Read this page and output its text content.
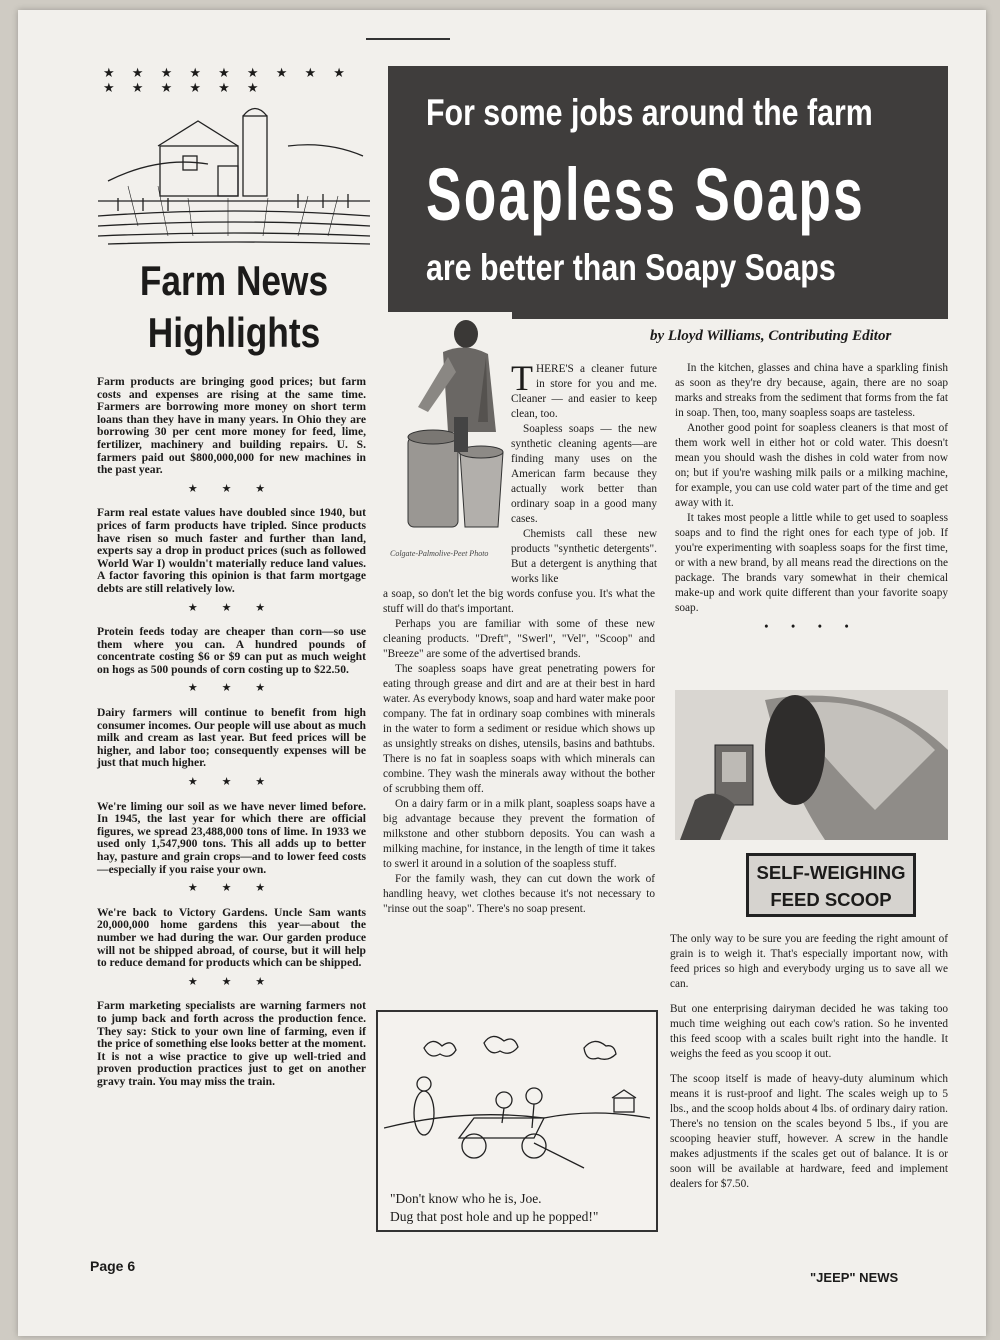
★ ★ ★ ★ ★ ★ ★ ★ ★ ★ ★ ★ ★ ★ ★
Farm News
Highlights

Farm products are bringing good prices; but farm costs and expenses are rising at the same time. Farmers are borrowing more money on short term loans than they have in many years. In Ohio they are borrowing 30 per cent more money for feed, lime, fertilizer, machinery and building repairs. U. S. farmers paid out $800,000,000 for new machines in the past year.

★ ★ ★

Farm real estate values have doubled since 1940, but prices of farm products have tripled. Since products have risen so much faster and further than land, experts say a drop in product prices (such as followed World War I) wouldn't materially reduce land values. A factor favoring this opinion is that farm mortgage debts are still relatively low.

★ ★ ★

Protein feeds today are cheaper than corn—so use them where you can. A hundred pounds of concentrate costing $6 or $9 can put as much weight on hogs as 500 pounds of corn costing up to $22.50.

★ ★ ★

Dairy farmers will continue to benefit from high consumer incomes. Our people will use about as much milk and cream as last year. But feed prices will be higher, and labor too; consequently expenses will be just that much higher.

★ ★ ★

We're liming our soil as we have never limed before. In 1945, the last year for which there are official figures, we spread 23,488,000 tons of lime. In 1933 we used only 1,547,900 tons. This all adds up to better hay, pasture and grain crops—and to lower feed costs—especially if you raise your own.

★ ★ ★

We're back to Victory Gardens. Uncle Sam wants 20,000,000 home gardens this year—about the number we had during the war. Our garden produce will not be shipped abroad, of course, but it will help to reduce demand for products which can be shipped.

★ ★ ★

Farm marketing specialists are warning farmers not to jump back and forth across the production fence. They say: Stick to your own line of farming, even if the price of something else looks better at the moment. It is not a wise practice to give up well-tried and proven production practices just to get on another gravy train. You may miss the train.

For some jobs around the farm
Soapless Soaps
are better than Soapy Soaps
by Lloyd Williams, Contributing Editor
Colgate-Palmolive-Peet Photo

THERE'S a cleaner future in store for you and me. Cleaner — and easier to keep clean, too.

Soapless soaps — the new synthetic cleaning agents—are finding many uses on the American farm because they actually work better than ordinary soap in a good many cases.

Chemists call these new products "synthetic detergents". But a detergent is anything that works like

a soap, so don't let the big words confuse you. It's what the stuff will do that's important.

Perhaps you are familiar with some of these new cleaning products. "Dreft", "Swerl", "Vel", "Scoop" and "Breeze" are some of the advertised brands.

The soapless soaps have great penetrating powers for eating through grease and dirt and are at their best in hard water. As everybody knows, soap and hard water make poor company. The fat in ordinary soap combines with minerals in the water to form a sediment or residue which shows up as unsightly streaks on dishes, utensils, basins and bathtubs. There is no fat in soapless soaps with which minerals can combine. They wash the minerals away without the bother of scrubbing them off.

On a dairy farm or in a milk plant, soapless soaps have a big advantage because they prevent the formation of milkstone and other stubborn deposits. You can wash a milking machine, for instance, in the length of time it takes to swerl it around in a solution of the soapless stuff.

For the family wash, they can cut down the work of handling heavy, wet clothes because it's not necessary to "rinse out the soap". There's no soap present.

In the kitchen, glasses and china have a sparkling finish as soon as they're dry because, again, there are no soap marks and streaks from the sediment that forms from the fat in soap. Then, too, many soapless soaps are tasteless.

Another good point for soapless cleaners is that most of them work well in either hot or cold water. This doesn't mean you should wash the dishes in cold water from now on; but if you're washing milk pails or a milking machine, for example, you can use cold water part of the time and get away with it.

It takes most people a little while to get used to soapless soaps and to find the right ones for each type of job. If you're experimenting with soapless soaps for the first time, or with a new brand, by all means read the directions on the package. The brands vary somewhat in their chemical make-up and work quite different than your favorite soapy soap.

• • • •
SELF-WEIGHING
FEED SCOOP

The only way to be sure you are feeding the right amount of grain is to weigh it. That's especially important now, with feed prices so high and everybody urging us to save all we can.

But one enterprising dairyman decided he was taking too much time weighing out each cow's ration. So he invented this feed scoop with a scales built right into the handle. It weighs the feed as you scoop it out.

The scoop itself is made of heavy-duty aluminum which means it is rust-proof and light. The scales weigh up to 5 lbs., and the scoop holds about 4 lbs. of ordinary dairy ration. There's no tension on the scales beyond 5 lbs., if you are scooping heavier stuff, however. A screw in the handle makes adjustments if the scales get out of balance. It is or soon will be available at hardware, feed and implement dealers for $7.50.

"Don't know who he is, Joe.
Dug that post hole and up he popped!"
Page 6
"JEEP" NEWS
